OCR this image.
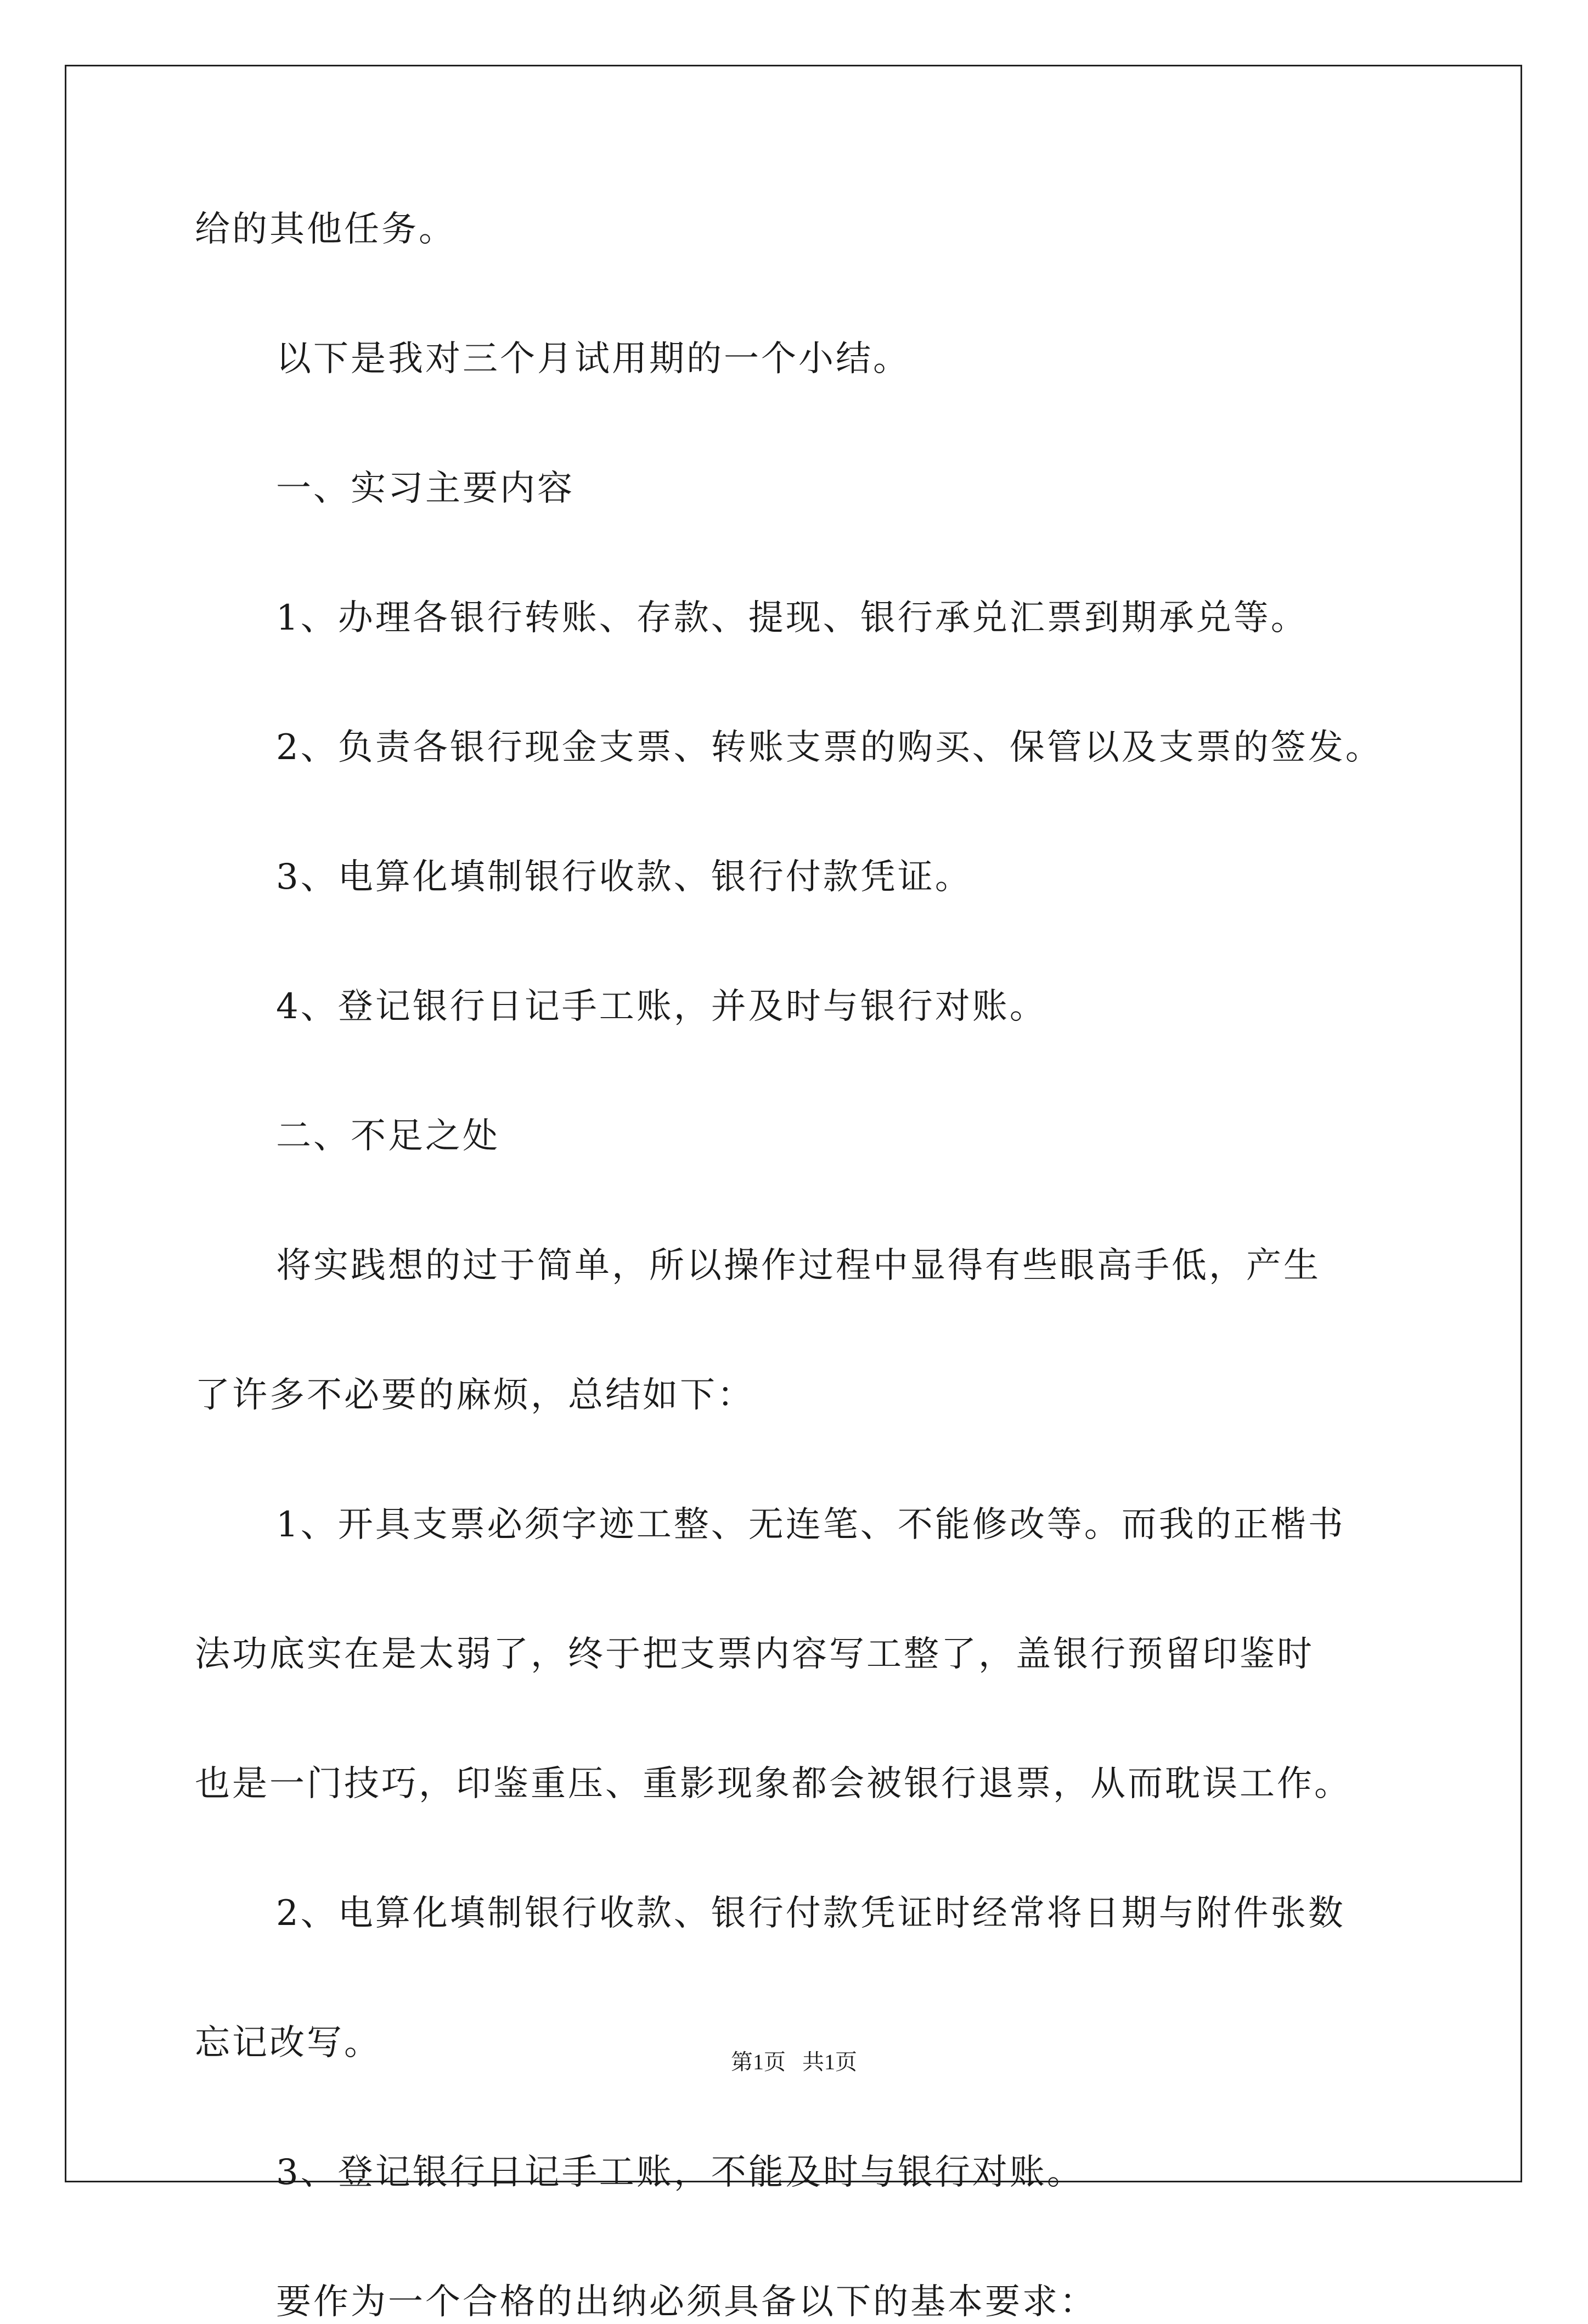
给的其他任务。
以下是我对三个月试用期的一个小结。
一、实习主要内容
1、办理各银行转账、存款、提现、银行承兑汇票到期承兑等。
2、负责各银行现金支票、转账支票的购买、保管以及支票的签发。
3、电算化填制银行收款、银行付款凭证。
4、登记银行日记手工账，并及时与银行对账。
二、不足之处
将实践想的过于简单，所以操作过程中显得有些眼高手低，产生
了许多不必要的麻烦，总结如下：
1、开具支票必须字迹工整、无连笔、不能修改等。而我的正楷书
法功底实在是太弱了，终于把支票内容写工整了，盖银行预留印鉴时
也是一门技巧，印鉴重压、重影现象都会被银行退票，从而耽误工作。
2、电算化填制银行收款、银行付款凭证时经常将日期与附件张数
忘记改写。
3、登记银行日记手工账，不能及时与银行对账。
要作为一个合格的出纳必须具备以下的基本要求：
第1页   共1页
